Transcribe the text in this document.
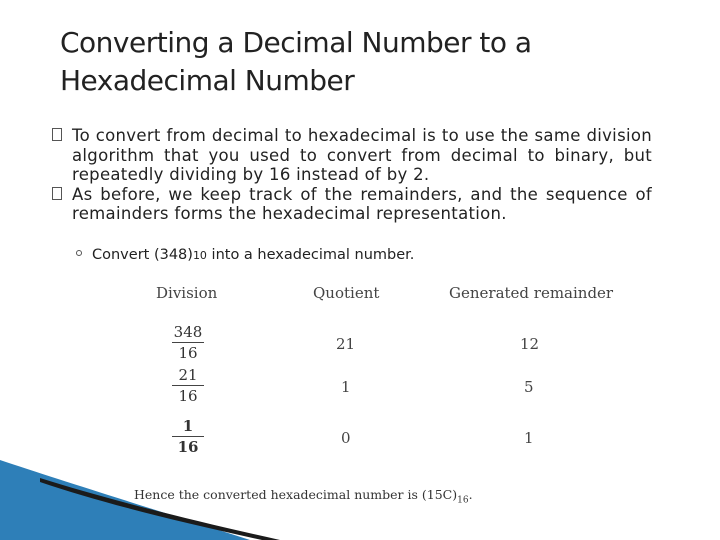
Converting a Decimal Number to a
Hexadecimal Number
To convert from decimal to hexadecimal is to use the same division algorithm that you used to convert from decimal to binary, but repeatedly dividing by 16 instead of by 2.
As before, we keep track of the remainders, and the sequence of remainders forms the hexadecimal representation.
Convert (348)10 into a hexadecimal number.
Division	Quotient	Generated remainder
348
16	21	12
21
16	1	5
1
16	0	1
Hence the converted hexadecimal number is $(15C)_{16}$.
